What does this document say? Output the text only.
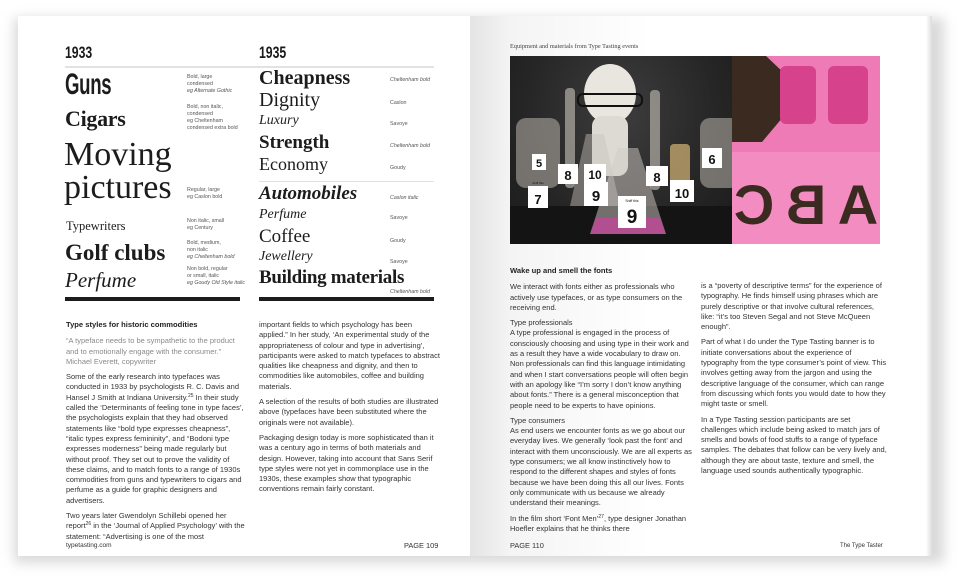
1933
Guns	Bold, large
condensed
eg Alternate Gothic
Cigars	Bold, non italic,
condensed
eg Cheltenham
condensed extra bold
Moving
pictures	Regular, large
eg Caslon bold
Typewriters	Non italic, small
eg Century
Golf clubs	Bold, medium,
non italic
eg Cheltenham bold
Perfume	Non bold, regular
or small, italic
eg Goudy Old Style italic
1935
Cheapness	Cheltenham bold
Dignity	Caslon
Luxury	Savoye
Strength	Cheltenham bold
Economy	Goudy
Automobiles	Caslon italic
Perfume	Savoye
Coffee	Goudy
Jewellery	Savoye
Building materials
Cheltenham bold
Type styles for historic commodities

“A typeface needs to be sympathetic to the product and to emotionally engage with the consumer.” Michael Everett, copywriter

Some of the early research into typefaces was conducted in 1933 by psychologists R. C. Davis and Hansel J Smith at Indiana University.$^{25}$ In their study called the ‘Determinants of feeling tone in type faces’, the psychologists explain that they had observed statements like “bold type expresses cheapness”, “italic types express femininity”, and “Bodoni type expresses moderness” being made regularly but without proof. They set out to prove the validity of these claims, and to match fonts to a range of 1930s commodities from guns and typewriters to cigars and perfume as a guide for graphic designers and advertisers.

Two years later Gwendolyn Schillebi opened her report$^{26}$ in the ‘Journal of Applied Psychology’ with the statement: “Advertising is one of the most

important fields to which psychology has been applied.” In her study, ‘An experimental study of the appropriateness of colour and type in advertising’, participants were asked to match typefaces to abstract qualities like cheapness and dignity, and then to commodities like automobiles, coffee and building materials.

A selection of the results of both studies are illustrated above (typefaces have been substituted where the originals were not available).

Packaging design today is more sophisticated than it was a century ago in terms of both materials and design. However, taking into account that Sans Serif type styles were not yet in commonplace use in the 1930s, these examples show that typographic conventions remain fairly constant.

typetasting.com	PAGE 109
Equipment and materials from Type Tasting events
5
Sniff this
7
8 10
9	Sniff this
9
8
10
6
A
B
C
Wake up and smell the fonts

We interact with fonts either as professionals who actively use typefaces, or as type consumers on the receiving end.

Type professionals
A type professional is engaged in the process of consciously choosing and using type in their work and as a result they have a wide vocabulary to draw on. Non professionals can find this language intimidating and when I start conversations people will often begin with an apology like “I’m sorry I don’t know anything about fonts.” There is a general misconception that people need to be experts to have opinions.

Type consumers
As end users we encounter fonts as we go about our everyday lives. We generally ‘look past the font’ and interact with them unconsciously. We are all experts as type consumers; we all know instinctively how to respond to the different shapes and styles of fonts because we have been doing this all our lives. Fonts only communicate with us because we already understand their meanings.

In the film short ‘Font Men’$^{27}$, type designer Jonathan Hoefler explains that he thinks there

is a “poverty of descriptive terms” for the experience of typography. He finds himself using phrases which are purely descriptive or that involve cultural references, like: “it’s too Steven Segal and not Steve McQueen enough”.

Part of what I do under the Type Tasting banner is to initiate conversations about the experience of typography from the type consumer’s point of view. This involves getting away from the jargon and using the descriptive language of the consumer, which can range from discussing which fonts you would date to how they might taste or smell.

In a Type Tasting session participants are set challenges which include being asked to match jars of smells and bowls of food stuffs to a range of typeface samples. The debates that follow can be very lively and, although they are about taste, texture and smell, the language used sounds authentically typographic.

PAGE 110	The Type Taster
